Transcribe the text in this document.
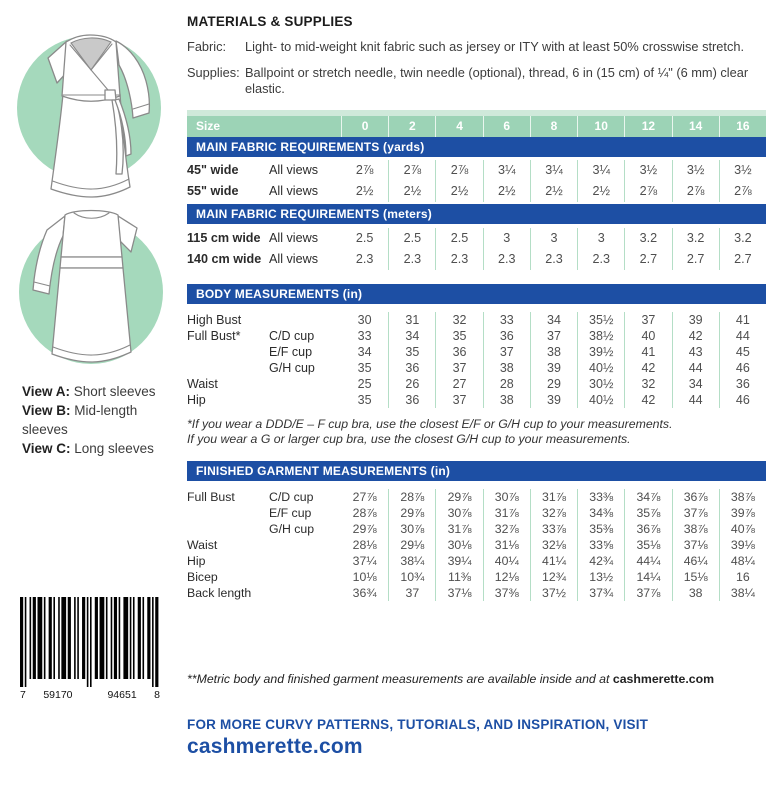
View A: Short sleeves
View B: Mid-length sleeves
View C: Long sleeves
7	59170	94651	8
MATERIALS & SUPPLIES
Fabric:	Light- to mid-weight knit fabric such as jersey or ITY with at least 50% crosswise stretch.
Supplies: Ballpoint or stretch needle, twin needle (optional), thread, 6 in (15 cm) of ¼" (6 mm) clear elastic.
Size	0	2	4	6	8	10	12	14	16
MAIN FABRIC REQUIREMENTS (yards)
45" wide	All views	2⅞	2⅞	2⅞	3¼	3¼	3¼	3½	3½	3½
55" wide	All views	2½	2½	2½	2½	2½	2½	2⅞	2⅞	2⅞
MAIN FABRIC REQUIREMENTS (meters)
115 cm wide All views	2.5	2.5	2.5	3	3	3	3.2	3.2	3.2
140 cm wide All views	2.3	2.3	2.3	2.3	2.3	2.3	2.7	2.7	2.7
BODY MEASUREMENTS (in)
High Bust	30	31	32	33	34	35½	37	39	41
Full Bust*	C/D cup	33	34	35	36	37	38½	40	42	44
E/F cup	34	35	36	37	38	39½	41	43	45
G/H cup	35	36	37	38	39	40½	42	44	46
Waist	25	26	27	28	29	30½	32	34	36
Hip	35	36	37	38	39	40½	42	44	46
*If you wear a DDD/E – F cup bra, use the closest E/F or G/H cup to your measurements.
If you wear a G or larger cup bra, use the closest G/H cup to your measurements.
FINISHED GARMENT MEASUREMENTS (in)
Full Bust	C/D cup	27⅞	28⅞	29⅞	30⅞	31⅞	33⅜	34⅞	36⅞	38⅞
E/F cup	28⅞	29⅞	30⅞	31⅞	32⅞	34⅜	35⅞	37⅞	39⅞
G/H cup	29⅞	30⅞	31⅞	32⅞	33⅞	35⅜	36⅞	38⅞	40⅞
Waist	28⅛	29⅛	30⅛	31⅛	32⅛	33⅝	35⅛	37⅛	39⅛
Hip	37¼	38¼	39¼	40¼	41¼	42¾	44¼	46¼	48¼
Bicep	10⅛	10¾	11⅜	12⅛	12¾	13½	14¼	15⅛	16
Back length	36¾	37	37⅛	37⅜	37½	37¾	37⅞	38	38¼
**Metric body and finished garment measurements are available inside and at cashmerette.com
FOR MORE CURVY PATTERNS, TUTORIALS, AND INSPIRATION, VISIT
cashmerette.com
